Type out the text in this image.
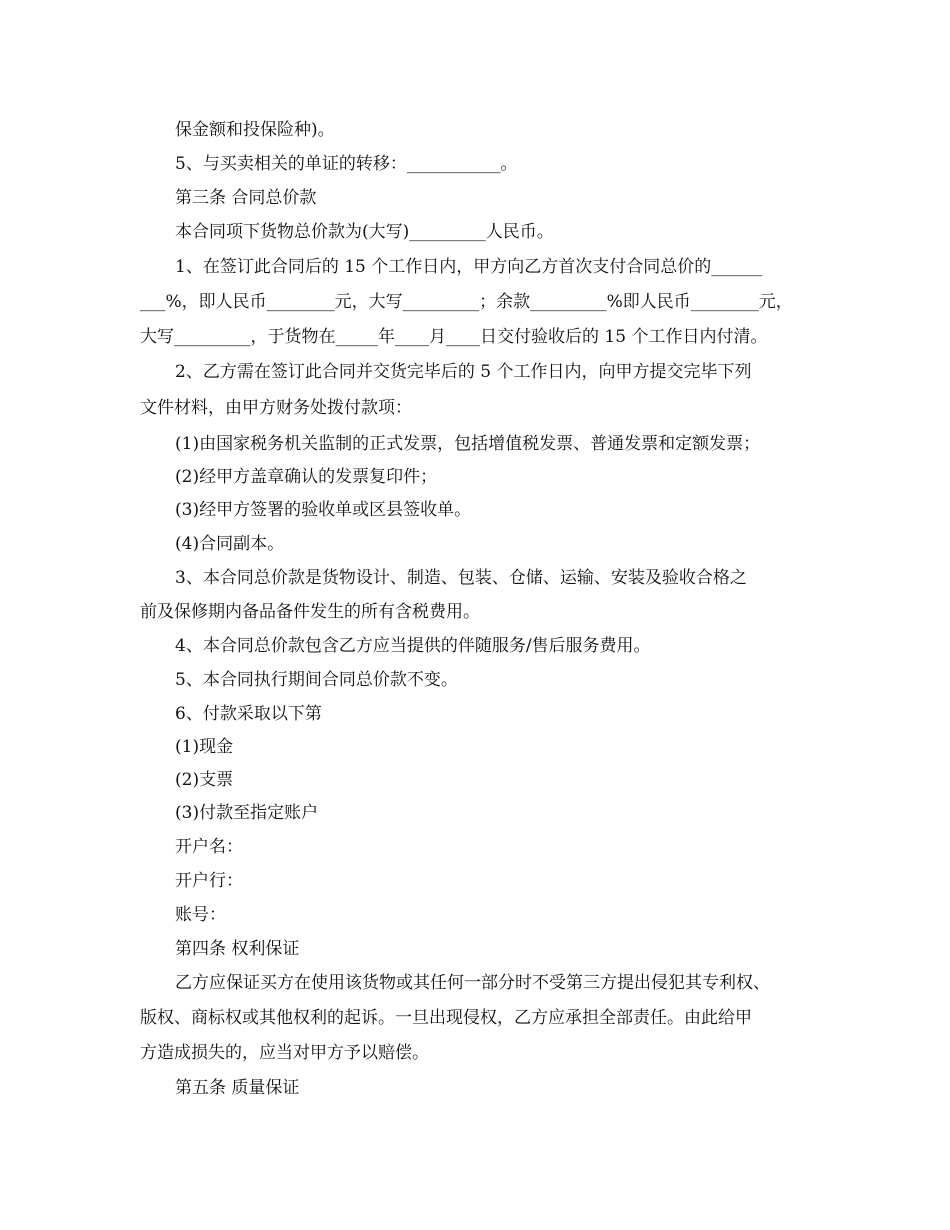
保金额和投保险种)。
5、与买卖相关的单证的转移：___________。
第三条 合同总价款
本合同项下货物总价款为(大写)_________人民币。
1、在签订此合同后的 15 个工作日内，甲方向乙方首次支付合同总价的______
___%，即人民币________元，大写_________；余款_________%即人民币________元，
大写_________，于货物在_____年____月____日交付验收后的 15 个工作日内付清。
2、乙方需在签订此合同并交货完毕后的 5 个工作日内，向甲方提交完毕下列
文件材料，由甲方财务处拨付款项：
(1)由国家税务机关监制的正式发票，包括增值税发票、普通发票和定额发票；
(2)经甲方盖章确认的发票复印件；
(3)经甲方签署的验收单或区县签收单。
(4)合同副本。
3、本合同总价款是货物设计、制造、包装、仓储、运输、安装及验收合格之
前及保修期内备品备件发生的所有含税费用。
4、本合同总价款包含乙方应当提供的伴随服务/售后服务费用。
5、本合同执行期间合同总价款不变。
6、付款采取以下第
(1)现金
(2)支票
(3)付款至指定账户
开户名：
开户行：
账号：
第四条 权利保证
乙方应保证买方在使用该货物或其任何一部分时不受第三方提出侵犯其专利权、
版权、商标权或其他权利的起诉。一旦出现侵权，乙方应承担全部责任。由此给甲
方造成损失的，应当对甲方予以赔偿。
第五条 质量保证
